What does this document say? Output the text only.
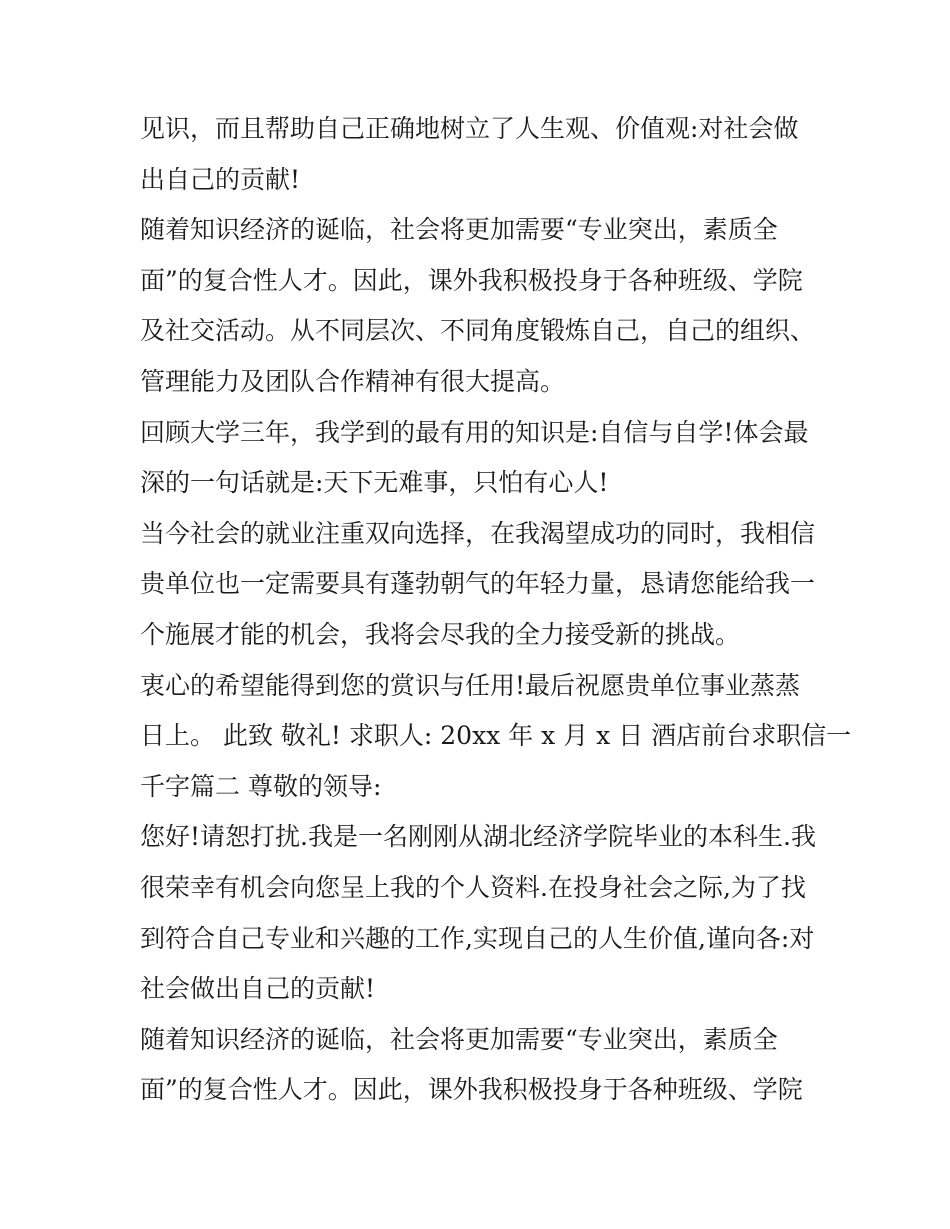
见识，而且帮助自己正确地树立了人生观、价值观:对社会做
出自己的贡献!
随着知识经济的诞临，社会将更加需要“专业突出，素质全
面”的复合性人才。因此，课外我积极投身于各种班级、学院
及社交活动。从不同层次、不同角度锻炼自己，自己的组织、
管理能力及团队合作精神有很大提高。
回顾大学三年，我学到的最有用的知识是:自信与自学!体会最
深的一句话就是:天下无难事，只怕有心人!
当今社会的就业注重双向选择，在我渴望成功的同时，我相信
贵单位也一定需要具有蓬勃朝气的年轻力量，恳请您能给我一
个施展才能的机会，我将会尽我的全力接受新的挑战。
衷心的希望能得到您的赏识与任用!最后祝愿贵单位事业蒸蒸
日上。 此致 敬礼! 求职人: 20xx 年 x 月 x 日 酒店前台求职信一
千字篇二 尊敬的领导:
您好!请恕打扰.我是一名刚刚从湖北经济学院毕业的本科生.我
很荣幸有机会向您呈上我的个人资料.在投身社会之际,为了找
到符合自己专业和兴趣的工作,实现自己的人生价值,谨向各:对
社会做出自己的贡献!
随着知识经济的诞临，社会将更加需要“专业突出，素质全
面”的复合性人才。因此，课外我积极投身于各种班级、学院
